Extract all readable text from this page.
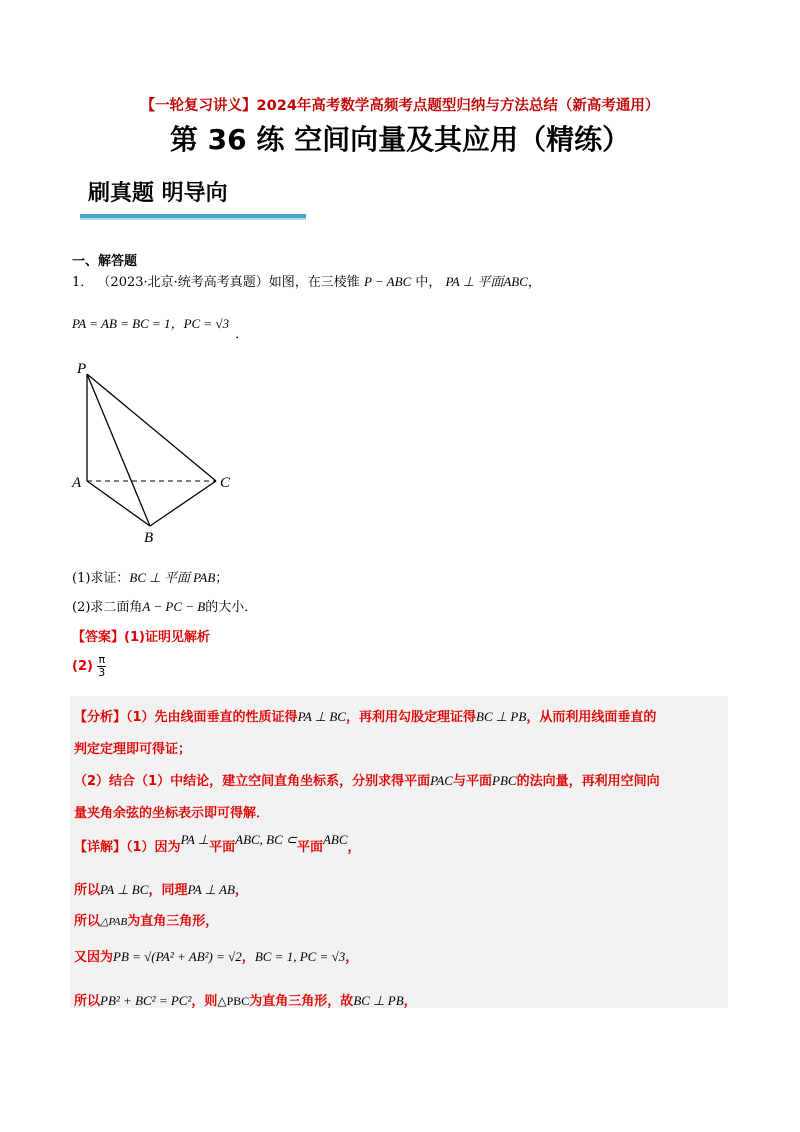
【一轮复习讲义】2024年高考数学高频考点题型归纳与方法总结（新高考通用）
第 36 练 空间向量及其应用（精练）
刷真题 明导向
一、解答题
1． （2023·北京·统考高考真题）如图，在三棱锥 P − ABC 中， PA ⊥ 平面ABC，
PA = AB = BC = 1，PC = √3 ．
P
A
B
C
(1)求证：BC ⊥ 平面 PAB；
(2)求二面角A − PC − B的大小．
【答案】(1)证明见解析
$(2) \frac{\pi}{3}$
【分析】（1）先由线面垂直的性质证得PA ⊥ BC，再利用勾股定理证得BC ⊥ PB，从而利用线面垂直的
判定定理即可得证；
（2）结合（1）中结论，建立空间直角坐标系，分别求得平面PAC与平面PBC的法向量，再利用空间向
量夹角余弦的坐标表示即可得解．
【详解】（1）因为PA ⊥平面ABC, BC ⊂平面ABC，
所以PA ⊥ BC，同理PA ⊥ AB，
所以△PAB为直角三角形，
又因为PB = √(PA² + AB²) = √2，BC = 1, PC = √3，
所以PB² + BC² = PC²，则△PBC为直角三角形，故BC ⊥ PB，
